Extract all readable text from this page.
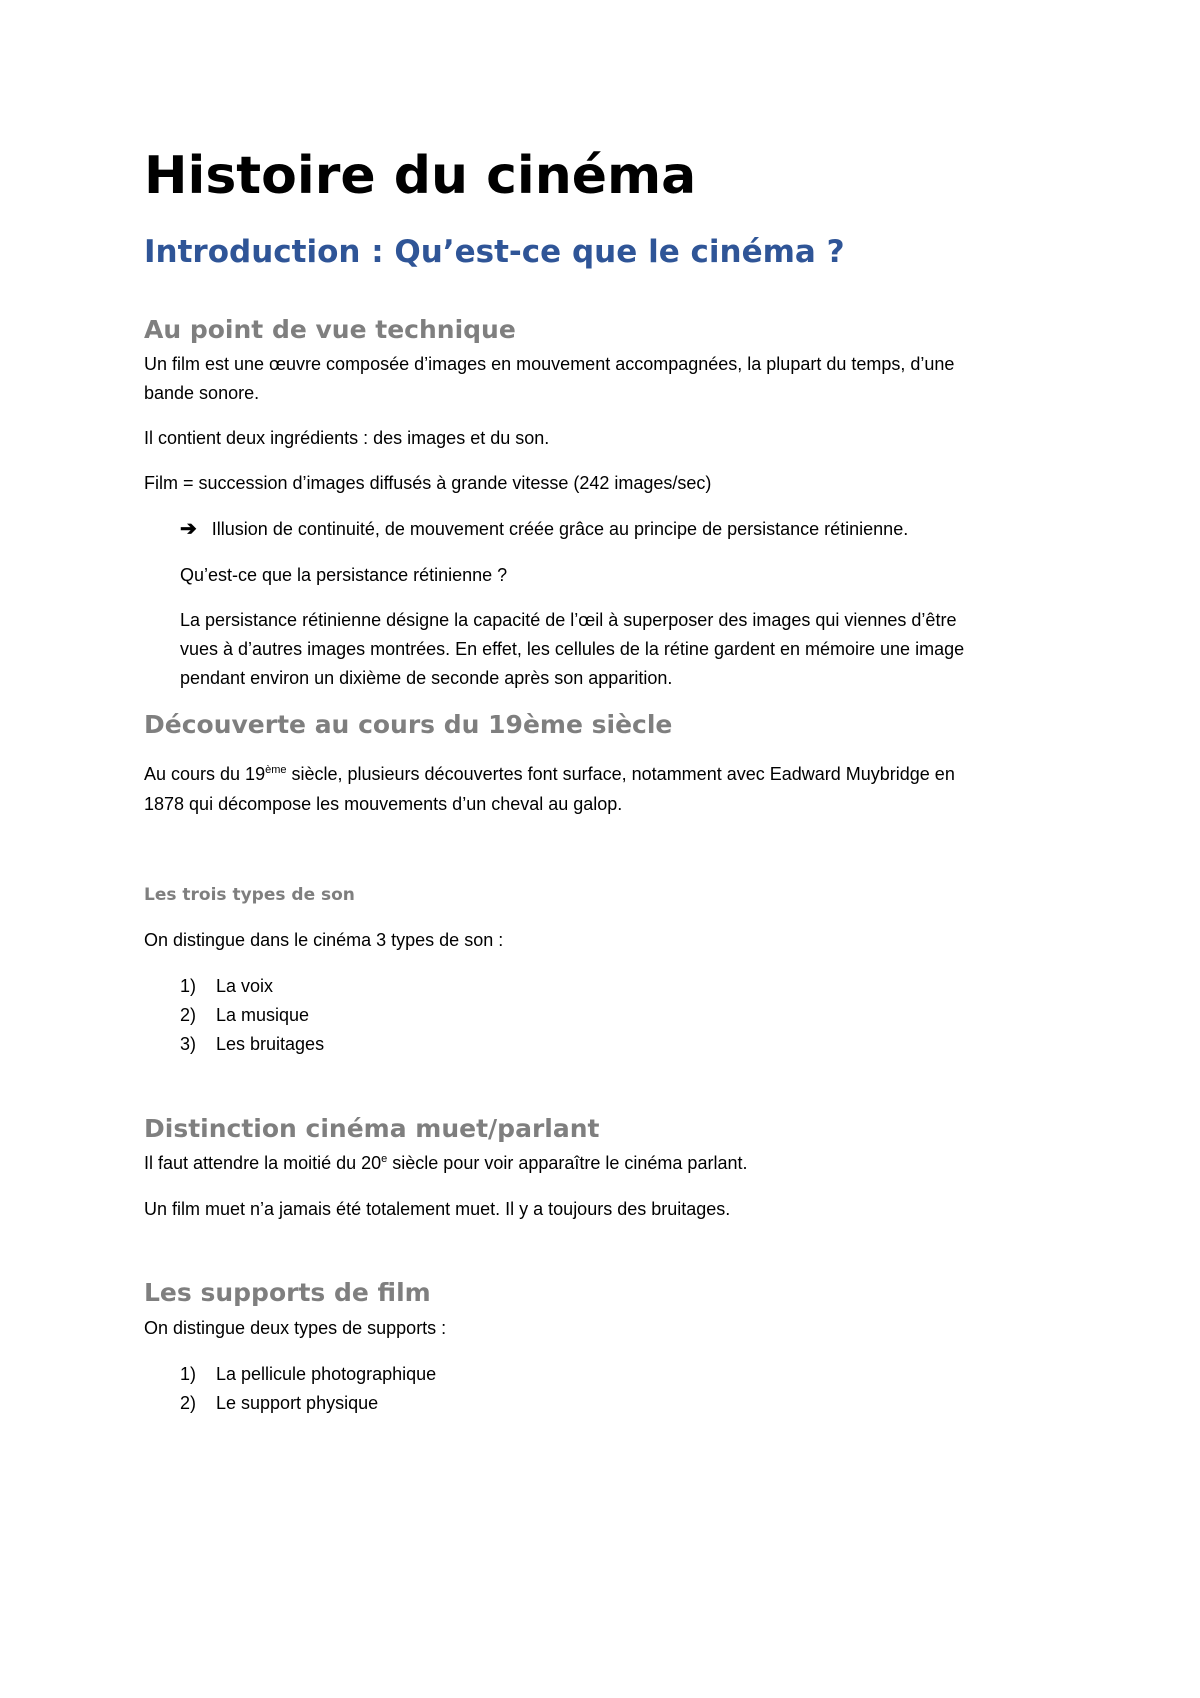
Histoire du cinéma
Introduction : Qu’est-ce que le cinéma ?
Au point de vue technique

Un film est une œuvre composée d’images en mouvement accompagnées, la plupart du temps, d’une

bande sonore.

Il contient deux ingrédients : des images et du son.

Film = succession d’images diffusés à grande vitesse (242 images/sec)

➔ Illusion de continuité, de mouvement créée grâce au principe de persistance rétinienne.

Qu’est-ce que la persistance rétinienne ?

La persistance rétinienne désigne la capacité de l’œil à superposer des images qui viennes d’être

vues à d’autres images montrées. En effet, les cellules de la rétine gardent en mémoire une image

pendant environ un dixième de seconde après son apparition.

Découverte au cours du 19ème siècle

Au cours du 19ème siècle, plusieurs découvertes font surface, notamment avec Eadward Muybridge en

1878 qui décompose les mouvements d’un cheval au galop.

Les trois types de son

On distingue dans le cinéma 3 types de son :

1)	La voix
2)	La musique
3)	Les bruitages
Distinction cinéma muet/parlant

Il faut attendre la moitié du 20e siècle pour voir apparaître le cinéma parlant.

Un film muet n’a jamais été totalement muet. Il y a toujours des bruitages.

Les supports de film

On distingue deux types de supports :

1)	La pellicule photographique
2)	Le support physique
